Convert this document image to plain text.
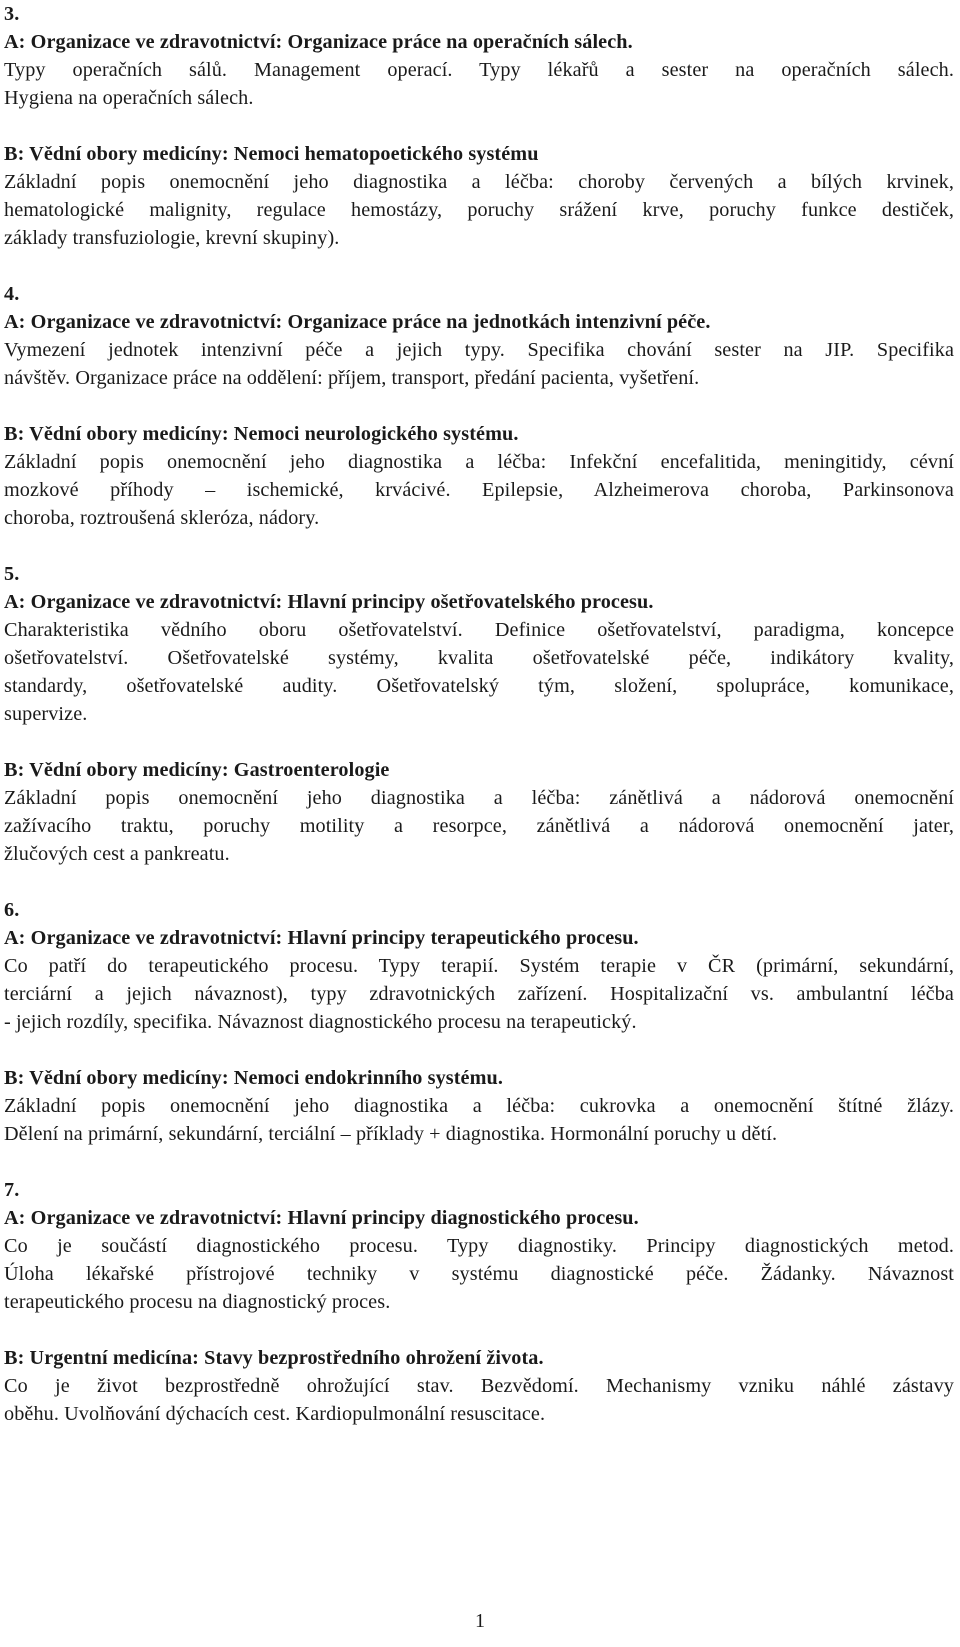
3.

A: Organizace ve zdravotnictví: Organizace práce na operačních sálech.

Typy operačních sálů. Management operací. Typy lékařů a sester na operačních sálech.

Hygiena na operačních sálech.

B: Vědní obory medicíny: Nemoci hematopoetického systému

Základní popis onemocnění jeho diagnostika a léčba: choroby červených a bílých krvinek,

hematologické malignity, regulace hemostázy, poruchy srážení krve, poruchy funkce destiček,

základy transfuziologie, krevní skupiny).

4.

A: Organizace ve zdravotnictví: Organizace práce na jednotkách intenzivní péče.

Vymezení jednotek intenzivní péče a jejich typy. Specifika chování sester na JIP. Specifika

návštěv. Organizace práce na oddělení: příjem, transport, předání pacienta, vyšetření.

B: Vědní obory medicíny: Nemoci neurologického systému.

Základní popis onemocnění jeho diagnostika a léčba: Infekční encefalitida, meningitidy, cévní

mozkové příhody – ischemické, krvácivé. Epilepsie, Alzheimerova choroba, Parkinsonova

choroba, roztroušená skleróza, nádory.

5.

A: Organizace ve zdravotnictví: Hlavní principy ošetřovatelského procesu.

Charakteristika vědního oboru ošetřovatelství. Definice ošetřovatelství, paradigma, koncepce

ošetřovatelství. Ošetřovatelské systémy, kvalita ošetřovatelské péče, indikátory kvality,

standardy, ošetřovatelské audity. Ošetřovatelský tým, složení, spolupráce, komunikace,

supervize.

B: Vědní obory medicíny: Gastroenterologie

Základní popis onemocnění jeho diagnostika a léčba: zánětlivá a nádorová onemocnění

zažívacího traktu, poruchy motility a resorpce, zánětlivá a nádorová onemocnění jater,

žlučových cest a pankreatu.

6.

A: Organizace ve zdravotnictví: Hlavní principy terapeutického procesu.

Co patří do terapeutického procesu. Typy terapií. Systém terapie v ČR (primární, sekundární,

terciární a jejich návaznost), typy zdravotnických zařízení. Hospitalizační vs. ambulantní léčba

- jejich rozdíly, specifika. Návaznost diagnostického procesu na terapeutický.

B: Vědní obory medicíny: Nemoci endokrinního systému.

Základní popis onemocnění jeho diagnostika a léčba: cukrovka a onemocnění štítné žlázy.

Dělení na primární, sekundární, terciální – příklady + diagnostika. Hormonální poruchy u dětí.

7.

A: Organizace ve zdravotnictví: Hlavní principy diagnostického procesu.

Co je součástí diagnostického procesu. Typy diagnostiky. Principy diagnostických metod.

Úloha lékařské přístrojové techniky v systému diagnostické péče. Žádanky. Návaznost

terapeutického procesu na diagnostický proces.

B: Urgentní medicína: Stavy bezprostředního ohrožení života.

Co je život bezprostředně ohrožující stav. Bezvědomí. Mechanismy vzniku náhlé zástavy

oběhu. Uvolňování dýchacích cest. Kardiopulmonální resuscitace.

1
